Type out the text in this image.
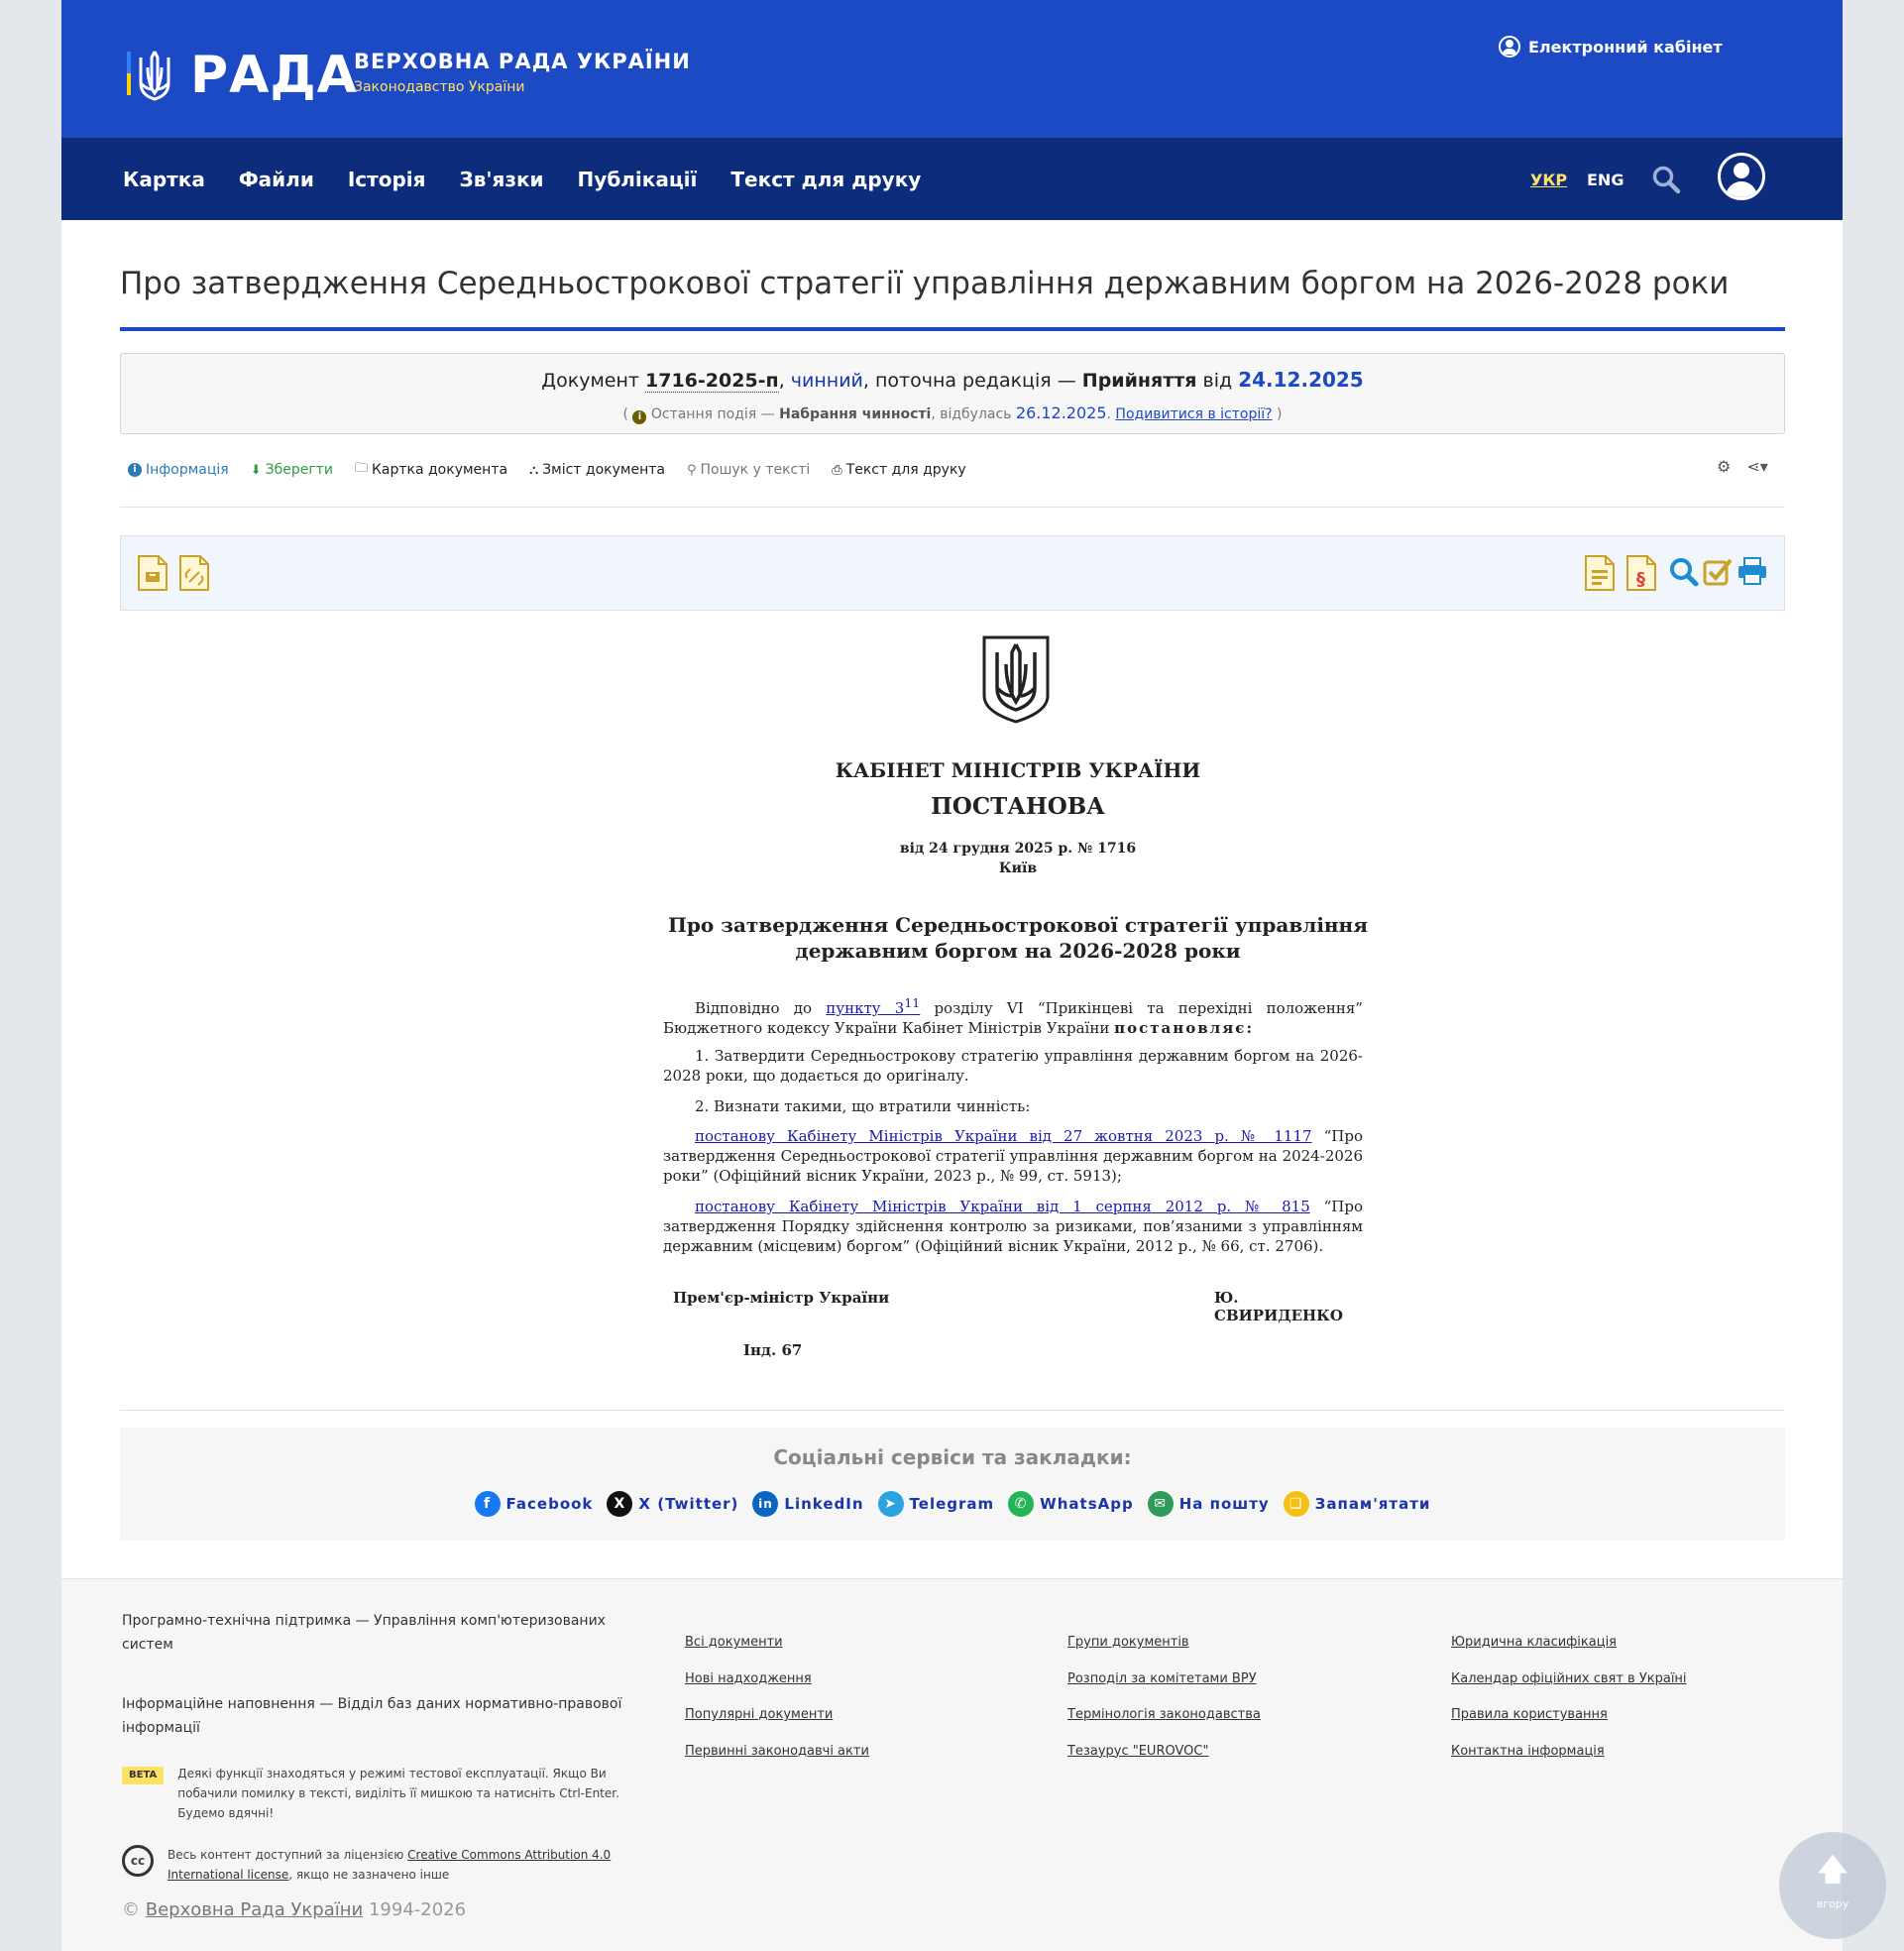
РАДА
ВЕРХОВНА РАДА УКРАЇНИ
Законодавство України
Електронний кабінет
Картка Файли Історія Зв'язки Публікації Текст для друку	УКР ENG
Про затвердження Середньострокової стратегії управління державним боргом на 2026-2028 роки
Документ 1716-2025-п, чинний, поточна редакція — Прийняття від 24.12.2025
( i Остання подія — Набрання чинності, відбулась 26.12.2025. Подивитися в історії? )
i Інформація ⬇ Зберегти 🗀 Картка документа ⛬ Зміст документа ⚲ Пошук у тексті ⎙ Текст для друку	⚙ ⋖▾
§
КАБІНЕТ МІНІСТРІВ УКРАЇНИ
ПОСТАНОВА
від 24 грудня 2025 р. № 1716
Київ
Про затвердження Середньострокової стратегії управління
державним боргом на 2026-2028 роки
Відповідно до пункту $3^{11}$ розділу VI “Прикінцеві та перехідні положення” Бюджетного кодексу України Кабінет Міністрів України постановляє:
1. Затвердити Середньострокову стратегію управління державним боргом на 2026-2028 роки, що додається до оригіналу.
2. Визнати такими, що втратили чинність:
постанову Кабінету Міністрів України від 27 жовтня 2023 р. № 1117 “Про затвердження Середньострокової стратегії управління державним боргом на 2024-2026 роки” (Офіційний вісник України, 2023 р., № 99, ст. 5913);
постанову Кабінету Міністрів України від 1 серпня 2012 р. № 815 “Про затвердження Порядку здійснення контролю за ризиками, пов’язаними з управлінням державним (місцевим) боргом” (Офіційний вісник України, 2012 р., № 66, ст. 2706).
Прем'єр-міністр України	Ю. СВИРИДЕНКО
Інд. 67
Соціальні сервіси та закладки:
f	Facebook	X X (Twitter)	in LinkedIn	➤ Telegram	✆ WhatsApp	✉ На пошту	❑ Запам'ятати
Програмно-технічна підтримка — Управління комп'ютеризованих систем
Інформаційне наповнення — Відділ баз даних нормативно-правової інформації
BETA	Деякі функції знаходяться у режимі тестової експлуатації. Якщо Ви побачили помилку в тексті, виділіть її мишкою та натисніть Ctrl-Enter. Будемо вдячні!
cc	Весь контент доступний за ліцензією Creative Commons Attribution 4.0 International license, якщо не зазначено інше
© Верховна Рада України 1994-2026
Всі документи
Нові надходження
Популярні документи
Первинні законодавчі акти
Групи документів
Розподіл за комітетами ВРУ
Термінологія законодавства
Тезаурус "EUROVOC"
Юридична класифікація
Календар офіційних свят в Україні
Правила користування
Контактна інформація
🡅
вгору
